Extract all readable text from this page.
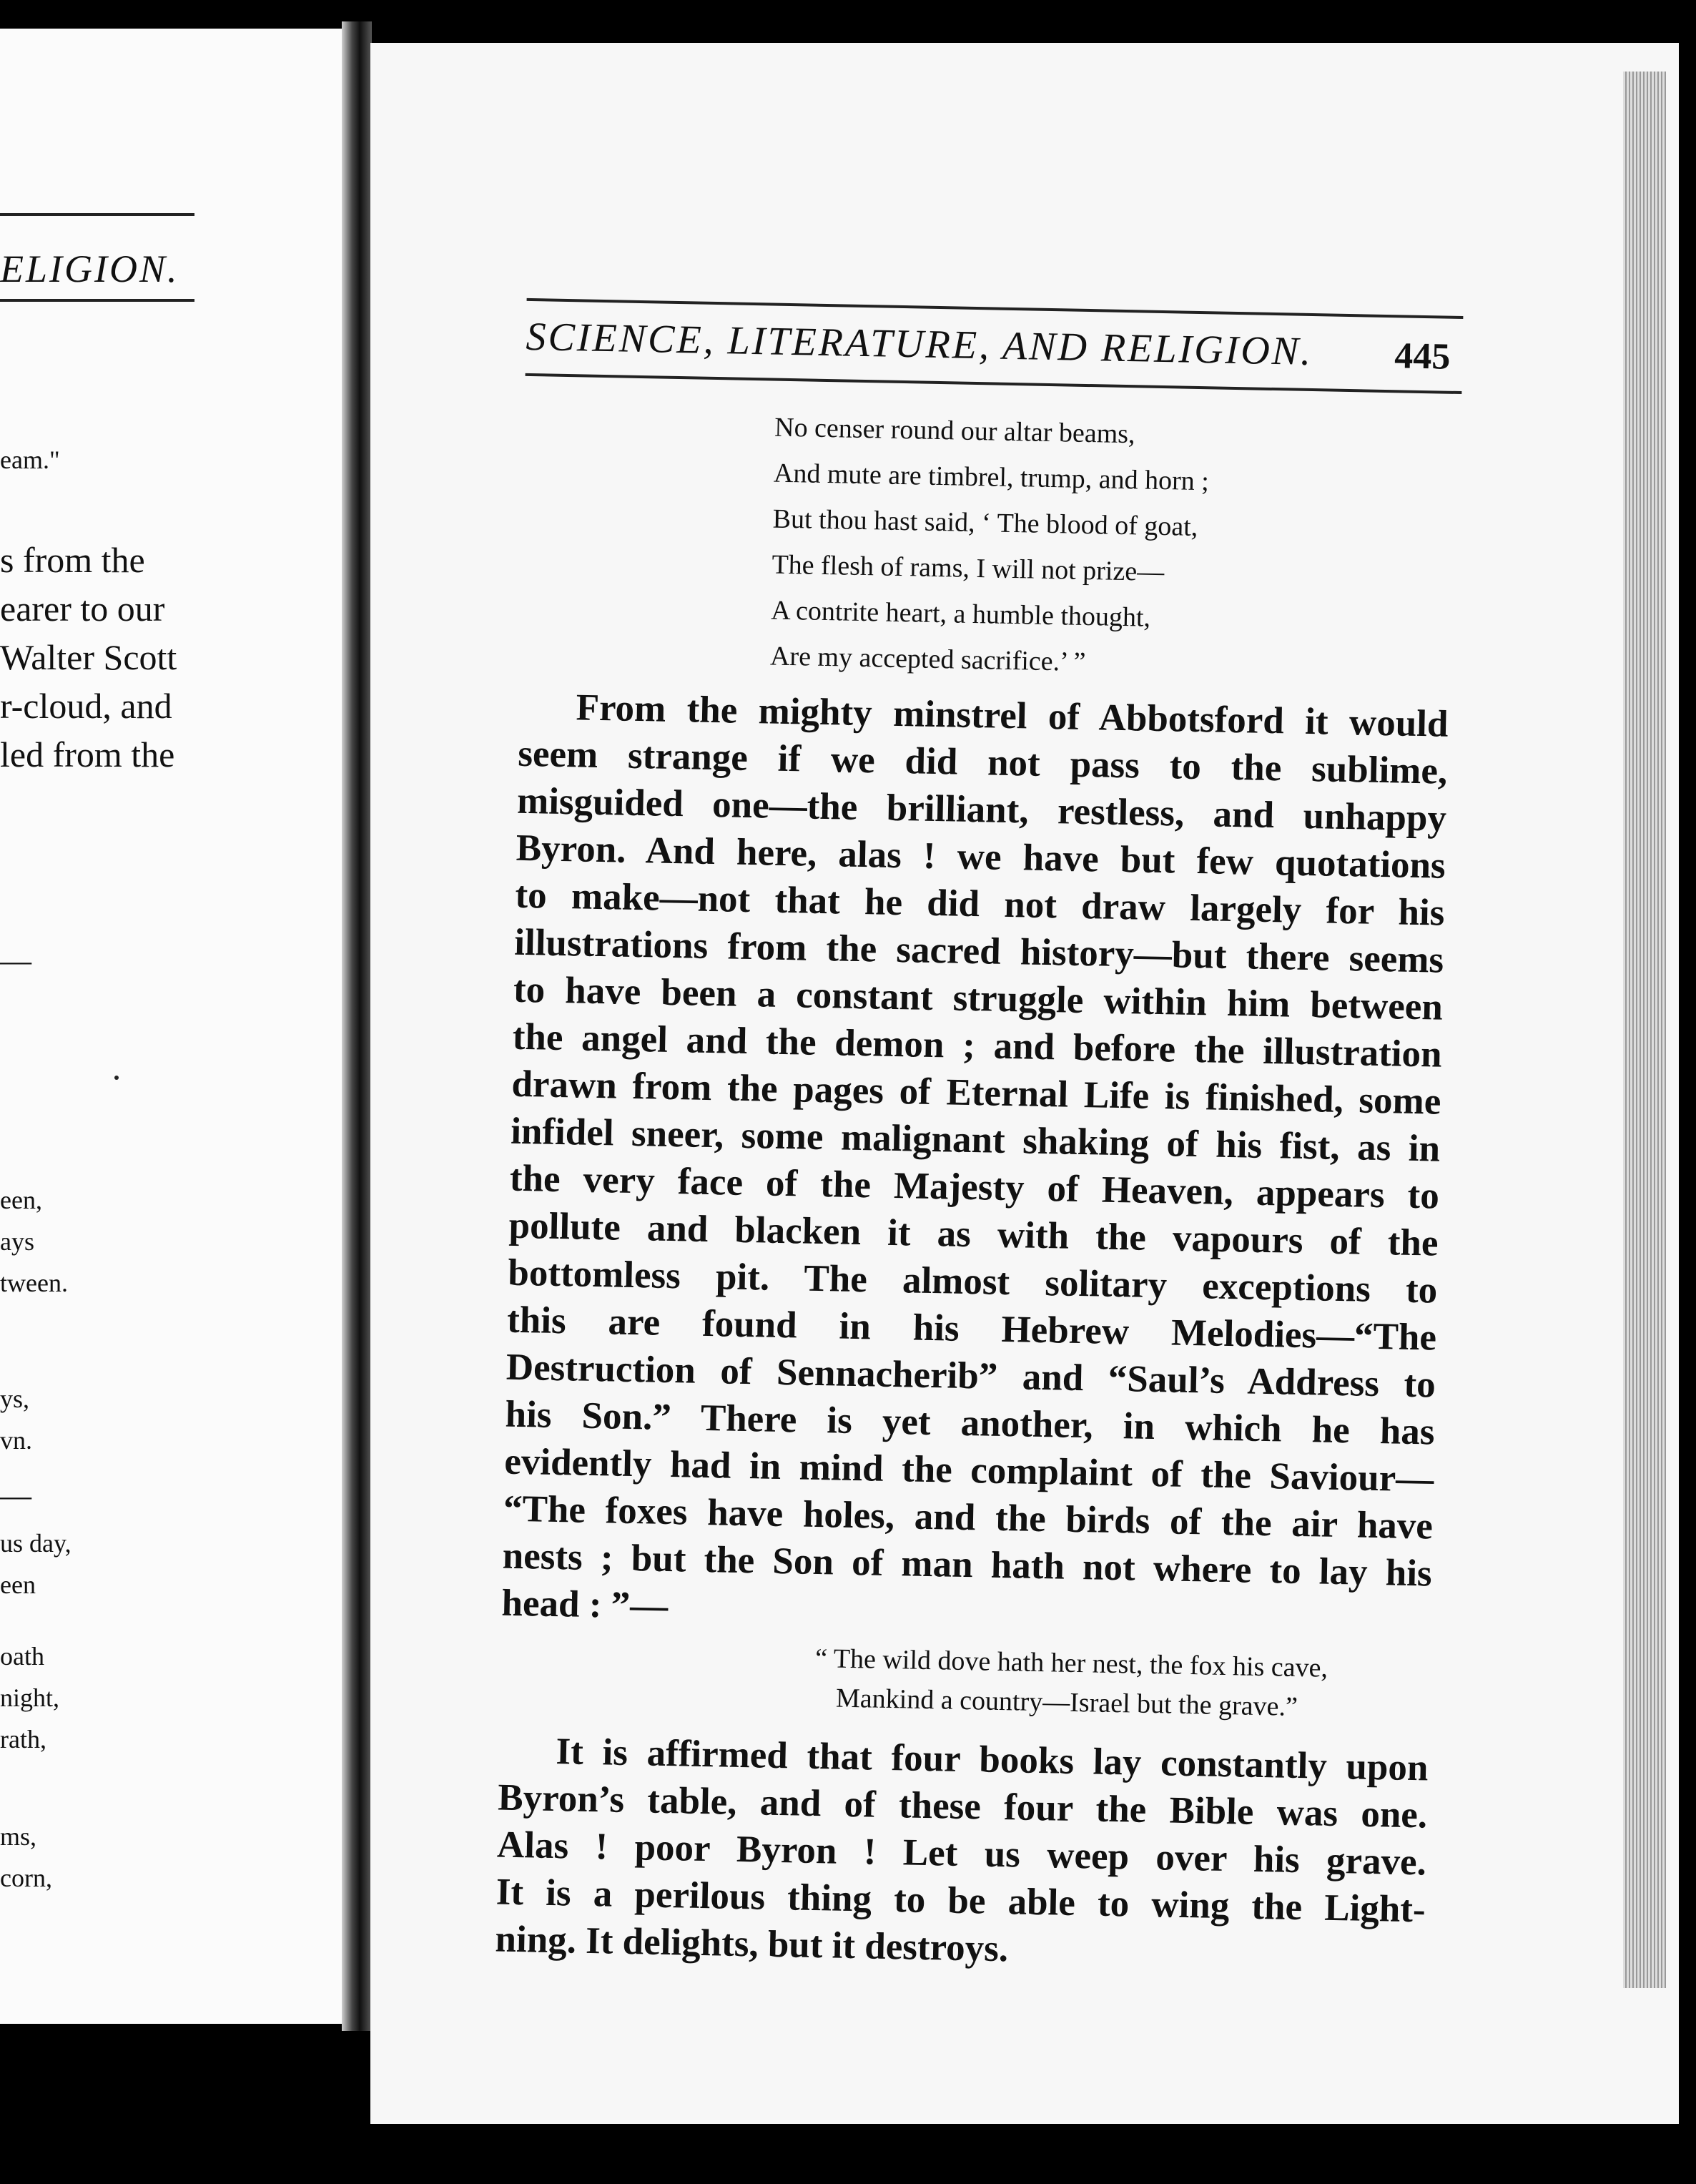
ELIGION.
eam."
s from the
earer to our
Walter Scott
r-cloud, and
led from the
—
een,
ays
tween.
ys,
vn.
—
us day,
een
oath
night,
rath,
ms,
corn,
SCIENCE, LITERATURE, AND RELIGION. 445
No censer round our altar beams,
And mute are timbrel, trump, and horn ;
But thou hast said, ‘ The blood of goat,
The flesh of rams, I will not prize—
A contrite heart, a humble thought,
Are my accepted sacrifice.’ ”
From the mighty minstrel of Abbotsford it would
seem strange if we did not pass to the sublime,
misguided one—the brilliant, restless, and unhappy
Byron. And here, alas ! we have but few quotations
to make—not that he did not draw largely for his
illustrations from the sacred history—but there seems
to have been a constant struggle within him between
the angel and the demon ; and before the illustration
drawn from the pages of Eternal Life is finished, some
infidel sneer, some malignant shaking of his fist, as in
the very face of the Majesty of Heaven, appears to
pollute and blacken it as with the vapours of the
bottomless pit. The almost solitary exceptions to
this are found in his Hebrew Melodies—“The
Destruction of Sennacherib” and “Saul’s Address to
his Son.” There is yet another, in which he has
evidently had in mind the complaint of the Saviour—
“The foxes have holes, and the birds of the air have
nests ; but the Son of man hath not where to lay his
head : ”—
“ The wild dove hath her nest, the fox his cave,
Mankind a country—Israel but the grave.”
It is affirmed that four books lay constantly upon
Byron’s table, and of these four the Bible was one.
Alas ! poor Byron ! Let us weep over his grave.
It is a perilous thing to be able to wing the Light-
ning. It delights, but it destroys.
